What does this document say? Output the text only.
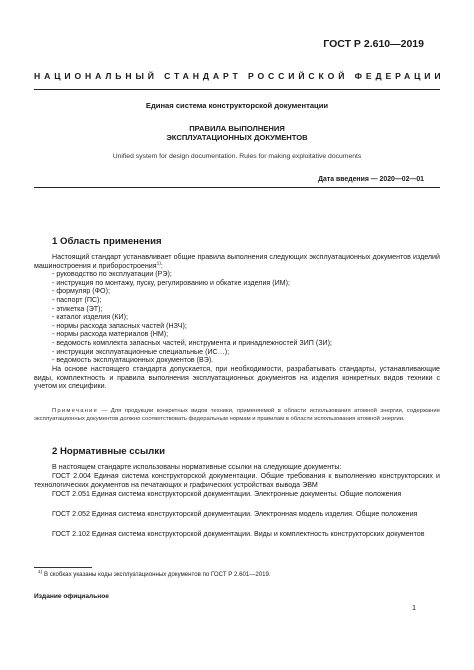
ГОСТ Р 2.610—2019
НАЦИОНАЛЬНЫЙ СТАНДАРТ РОССИЙСКОЙ ФЕДЕРАЦИИ
Единая система конструкторской документации
ПРАВИЛА ВЫПОЛНЕНИЯ
ЭКСПЛУАТАЦИОННЫХ ДОКУМЕНТОВ
Unified system for design documentation. Rules for making exploitative documents
Дата введения — 2020—02—01
1 Область применения
Настоящий стандарт устанавливает общие правила выполнения следующих эксплуатационных документов изделий машиностроения и приборостроения$^{1)}$:
- руководство по эксплуатации (РЭ);
- инструкция по монтажу, пуску, регулированию и обкатке изделия (ИМ);
- формуляр (ФО);
- паспорт (ПС);
- этикетка (ЭТ);
- каталог изделия (КИ);
- нормы расхода запасных частей (НЗЧ);
- нормы расхода материалов (НМ);
- ведомость комплекта запасных частей, инструмента и принадлежностей ЗИП (ЗИ);
- инструкции эксплуатационные специальные (ИС…);
- ведомость эксплуатационных документов (ВЭ).
На основе настоящего стандарта допускается, при необходимости, разрабатывать стандарты, устанавливающие виды, комплектность и правила выполнения эксплуатационных документов на изделия конкретных видов техники с учетом их специфики.
Примечание — Для продукции конкретных видов техники, применяемой в области использования атомной энергии, содержание эксплуатационных документов должно соответствовать федеральным нормам и правилам в области использования атомной энергии.
2 Нормативные ссылки
В настоящем стандарте использованы нормативные ссылки на следующие документы:
ГОСТ 2.004 Единая система конструкторской документации. Общие требования к выполнению конструкторских и технологических документов на печатающих и графических устройствах вывода ЭВМ
ГОСТ 2.051 Единая система конструкторской документации. Электронные документы. Общие положения
ГОСТ 2.052 Единая система конструкторской документации. Электронная модель изделия. Общие положения
ГОСТ 2.102 Единая система конструкторской документации. Виды и комплектность конструкторских документов
$^{1)}$ В скобках указаны коды эксплуатационных документов по ГОСТ Р 2.601—2019.
Издание официальное
1
